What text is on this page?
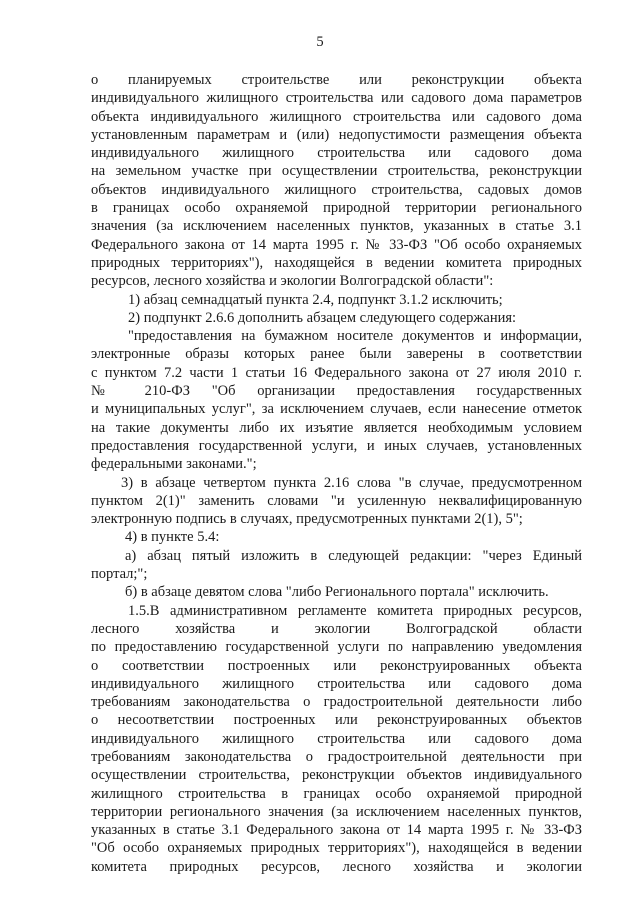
5
о планируемых строительстве или реконструкции объекта
индивидуального жилищного строительства или садового дома параметров
объекта индивидуального жилищного строительства или садового дома
установленным параметрам и (или) недопустимости размещения объекта
индивидуального жилищного строительства или садового дома
на земельном участке при осуществлении строительства, реконструкции
объектов индивидуального жилищного строительства, садовых домов
в границах особо охраняемой природной территории регионального
значения (за исключением населенных пунктов, указанных в статье 3.1
Федерального закона от 14 марта 1995 г. № 33-ФЗ "Об особо охраняемых
природных территориях"), находящейся в ведении комитета природных
ресурсов, лесного хозяйства и экологии Волгоградской области":
1) абзац семнадцатый пункта 2.4, подпункт 3.1.2 исключить;
2) подпункт 2.6.6 дополнить абзацем следующего содержания:
"предоставления на бумажном носителе документов и информации,
электронные образы которых ранее были заверены в соответствии
с пунктом 7.2 части 1 статьи 16 Федерального закона от 27 июля 2010 г.
№ 210-ФЗ "Об организации предоставления государственных
и муниципальных услуг", за исключением случаев, если нанесение отметок
на такие документы либо их изъятие является необходимым условием
предоставления государственной услуги, и иных случаев, установленных
федеральными законами.";
3) в абзаце четвертом пункта 2.16 слова "в случае, предусмотренном
пунктом 2(1)" заменить словами "и усиленную неквалифицированную
электронную подпись в случаях, предусмотренных пунктами 2(1), 5";
4) в пункте 5.4:
а) абзац пятый изложить в следующей редакции: "через Единый
портал;";
б) в абзаце девятом слова "либо Регионального портала" исключить.
1.5.В административном регламенте комитета природных ресурсов,
лесного хозяйства и экологии Волгоградской области
по предоставлению государственной услуги по направлению уведомления
о соответствии построенных или реконструированных объекта
индивидуального жилищного строительства или садового дома
требованиям законодательства о градостроительной деятельности либо
о несоответствии построенных или реконструированных объектов
индивидуального жилищного строительства или садового дома
требованиям законодательства о градостроительной деятельности при
осуществлении строительства, реконструкции объектов индивидуального
жилищного строительства в границах особо охраняемой природной
территории регионального значения (за исключением населенных пунктов,
указанных в статье 3.1 Федерального закона от 14 марта 1995 г. № 33-ФЗ
"Об особо охраняемых природных территориях"), находящейся в ведении
комитета природных ресурсов, лесного хозяйства и экологии
